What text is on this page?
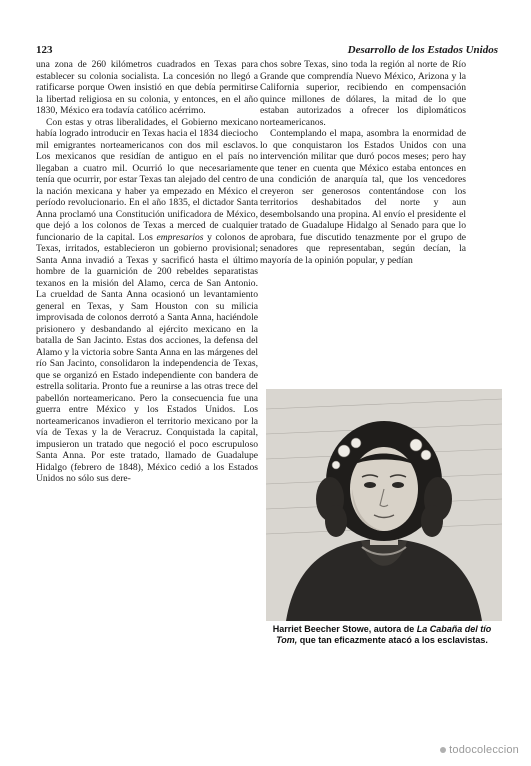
123	Desarrollo de los Estados Unidos

una zona de 260 kilómetros cuadrados en Texas para establecer su colonia socialista. La concesión no llegó a ratificarse porque Owen insistió en que debía permitirse la libertad religiosa en su colonia, y entonces, en el año 1830, México era todavía católico acérrimo.

Con estas y otras liberalidades, el Gobierno mexicano había logrado introducir en Texas hacia el 1834 dieciocho mil emigrantes norteamericanos con dos mil esclavos. Los mexicanos que residían de antiguo en el país no llegaban a cuatro mil. Ocurrió lo que necesariamente tenía que ocurrir, por estar Texas tan alejado del centro de la nación mexicana y haber ya empezado en México el período revolucionario. En el año 1835, el dictador Santa Anna proclamó una Constitución unificadora de México, que dejó a los colonos de Texas a merced de cualquier funcionario de la capital. Los empresarios y colonos de Texas, irritados, establecieron un gobierno provisional; Santa Anna invadió a Texas y sacrificó hasta el último hombre de la guarnición de 200 rebeldes separatistas texanos en la misión del Alamo, cerca de San Antonio. La crueldad de Santa Anna ocasionó un levantamiento general en Texas, y Sam Houston con su milicia improvisada de colonos derrotó a Santa Anna, haciéndole prisionero y desbandando al ejército mexicano en la batalla de San Jacinto. Estas dos acciones, la defensa del Alamo y la victoria sobre Santa Anna en las márgenes del río San Jacinto, consolidaron la independencia de Texas, que se organizó en Estado independiente con bandera de estrella solitaria. Pronto fue a reunirse a las otras trece del pabellón norteamericano. Pero la consecuencia fue una guerra entre México y los Estados Unidos. Los norteamericanos invadieron el territorio mexicano por la vía de Texas y la de Veracruz. Conquistada la capital, impusieron un tratado que negoció el poco escrupuloso Santa Anna. Por este tratado, llamado de Guadalupe Hidalgo (febrero de 1848), México cedió a los Estados Unidos no sólo sus dere-

chos sobre Texas, sino toda la región al norte de Río Grande que comprendía Nuevo México, Arizona y la California superior, recibiendo en compensación quince millones de dólares, la mitad de lo que estaban autorizados a ofrecer los diplomáticos norteamericanos.

Contemplando el mapa, asombra la enormidad de lo que conquistaron los Estados Unidos con una intervención militar que duró pocos meses; pero hay que tener en cuenta que México estaba entonces en una condición de anarquía tal, que los vencedores creyeron ser generosos contentándose con los territorios deshabitados del norte y aun desembolsando una propina. Al envío el presidente el tratado de Guadalupe Hidalgo al Senado para que lo aprobara, fue discutido tenazmente por el grupo de senadores que representaban, según decían, la mayoría de la opinión popular, y pedían

Harriet Beecher Stowe, autora de La Cabaña del tío Tom, que tan eficazmente atacó a los esclavistas.
todocoleccion
